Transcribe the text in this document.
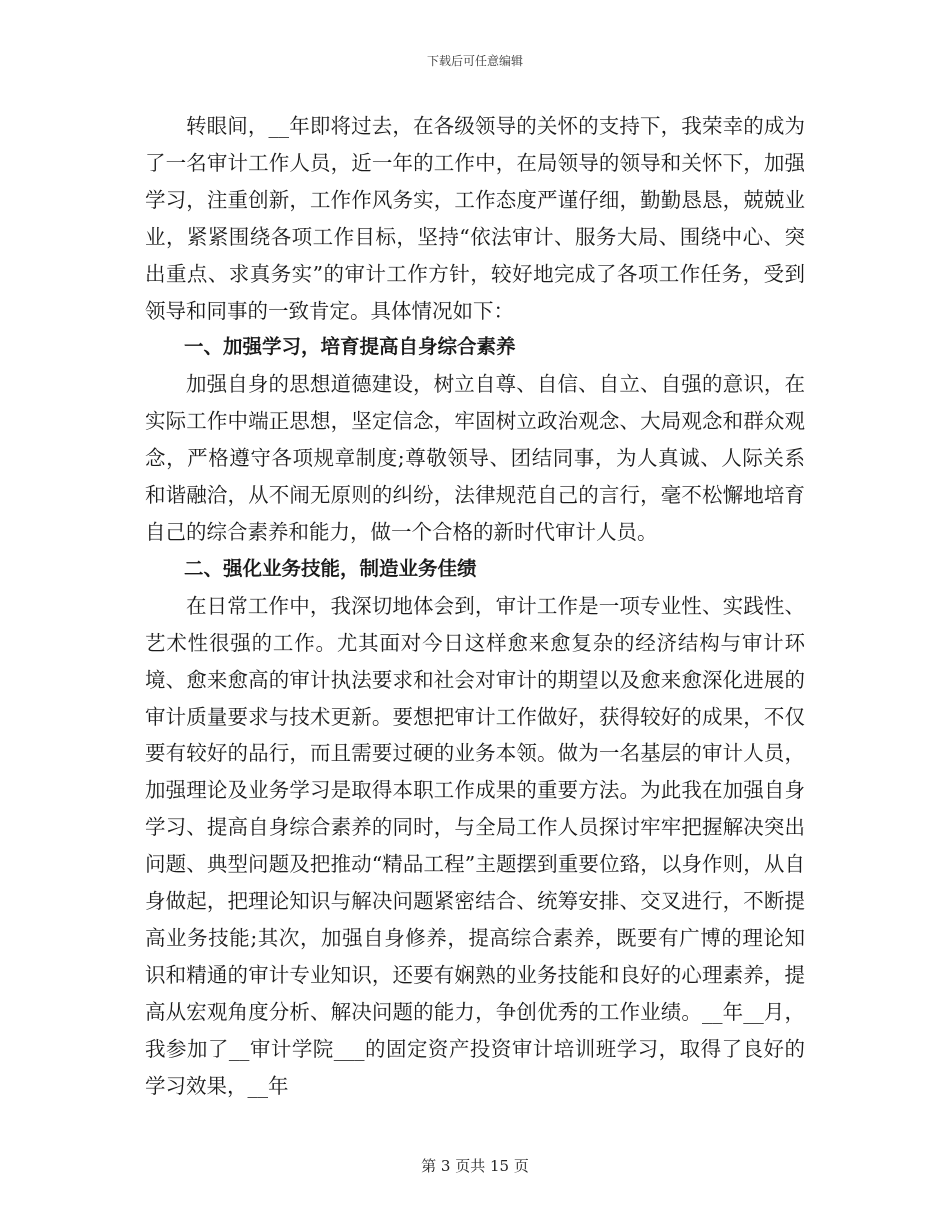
下载后可任意编辑

转眼间，__年即将过去，在各级领导的关怀的支持下，我荣幸的成为了一名审计工作人员，近一年的工作中，在局领导的领导和关怀下，加强学习，注重创新，工作作风务实，工作态度严谨仔细，勤勤恳恳，兢兢业业，紧紧围绕各项工作目标，坚持“依法审计、服务大局、围绕中心、突出重点、求真务实”的审计工作方针，较好地完成了各项工作任务，受到领导和同事的一致肯定。具体情况如下：

一、加强学习，培育提高自身综合素养

加强自身的思想道德建设，树立自尊、自信、自立、自强的意识，在实际工作中端正思想，坚定信念，牢固树立政治观念、大局观念和群众观念，严格遵守各项规章制度;尊敬领导、团结同事，为人真诚、人际关系和谐融洽，从不闹无原则的纠纷，法律规范自己的言行，毫不松懈地培育自己的综合素养和能力，做一个合格的新时代审计人员。

二、强化业务技能，制造业务佳绩

在日常工作中，我深切地体会到，审计工作是一项专业性、实践性、艺术性很强的工作。尤其面对今日这样愈来愈复杂的经济结构与审计环境、愈来愈高的审计执法要求和社会对审计的期望以及愈来愈深化进展的审计质量要求与技术更新。要想把审计工作做好，获得较好的成果，不仅要有较好的品行，而且需要过硬的业务本领。做为一名基层的审计人员，加强理论及业务学习是取得本职工作成果的重要方法。为此我在加强自身学习、提高自身综合素养的同时，与全局工作人员探讨牢牢把握解决突出问题、典型问题及把推动“精品工程”主题摆到重要位臵，以身作则，从自身做起，把理论知识与解决问题紧密结合、统筹安排、交叉进行，不断提高业务技能;其次，加强自身修养，提高综合素养，既要有广博的理论知识和精通的审计专业知识，还要有娴熟的业务技能和良好的心理素养，提高从宏观角度分析、解决问题的能力，争创优秀的工作业绩。__年__月，我参加了__审计学院___的固定资产投资审计培训班学习，取得了良好的学习效果，__年

第 3 页共 15 页
